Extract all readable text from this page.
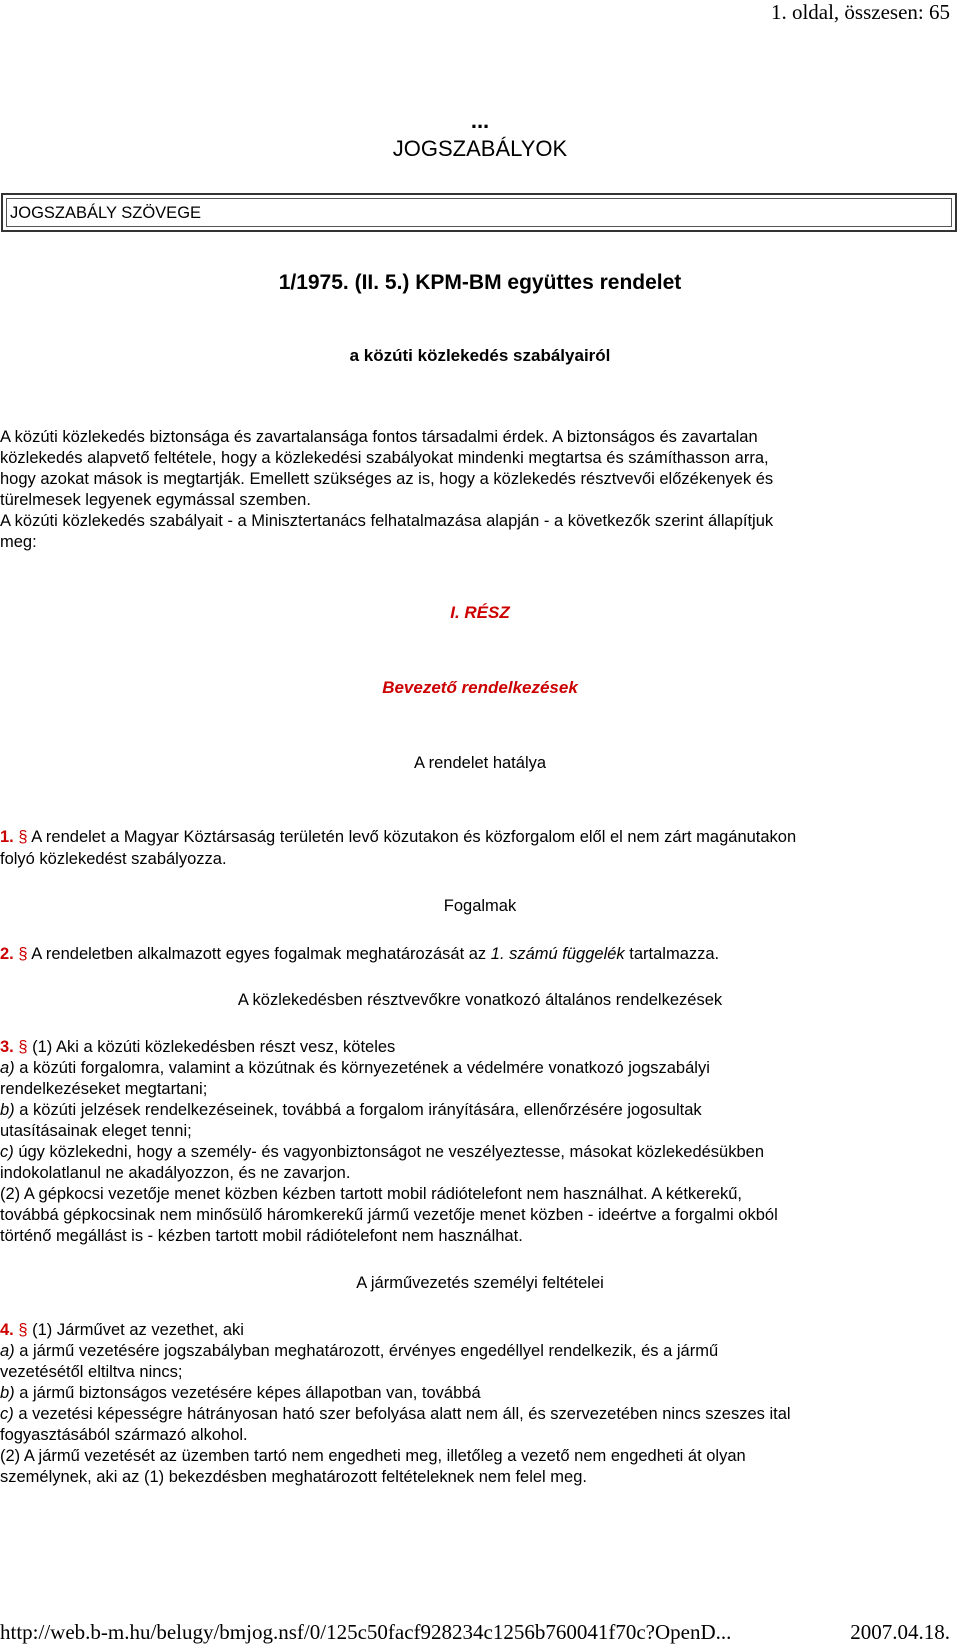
1. oldal, összesen: 65
...
JOGSZABÁLYOK
JOGSZABÁLY SZÖVEGE
1/1975. (II. 5.) KPM-BM együttes rendelet
a közúti közlekedés szabályairól
A közúti közlekedés biztonsága és zavartalansága fontos társadalmi érdek. A biztonságos és zavartalan
közlekedés alapvető feltétele, hogy a közlekedési szabályokat mindenki megtartsa és számíthasson arra,
hogy azokat mások is megtartják. Emellett szükséges az is, hogy a közlekedés résztvevői előzékenyek és
türelmesek legyenek egymással szemben.
A közúti közlekedés szabályait - a Minisztertanács felhatalmazása alapján - a következők szerint állapítjuk
meg:
I. RÉSZ
Bevezető rendelkezések
A rendelet hatálya
1. § A rendelet a Magyar Köztársaság területén levő közutakon és közforgalom elől el nem zárt magánutakon
folyó közlekedést szabályozza.
Fogalmak
2. § A rendeletben alkalmazott egyes fogalmak meghatározását az 1. számú függelék tartalmazza.
A közlekedésben résztvevőkre vonatkozó általános rendelkezések
3. § (1) Aki a közúti közlekedésben részt vesz, köteles
a) a közúti forgalomra, valamint a közútnak és környezetének a védelmére vonatkozó jogszabályi
rendelkezéseket megtartani;
b) a közúti jelzések rendelkezéseinek, továbbá a forgalom irányítására, ellenőrzésére jogosultak
utasításainak eleget tenni;
c) úgy közlekedni, hogy a személy- és vagyonbiztonságot ne veszélyeztesse, másokat közlekedésükben
indokolatlanul ne akadályozzon, és ne zavarjon.
(2) A gépkocsi vezetője menet közben kézben tartott mobil rádiótelefont nem használhat. A kétkerekű,
továbbá gépkocsinak nem minősülő háromkerekű jármű vezetője menet közben - ideértve a forgalmi okból
történő megállást is - kézben tartott mobil rádiótelefont nem használhat.
A járművezetés személyi feltételei
4. § (1) Járművet az vezethet, aki
a) a jármű vezetésére jogszabályban meghatározott, érvényes engedéllyel rendelkezik, és a jármű
vezetésétől eltiltva nincs;
b) a jármű biztonságos vezetésére képes állapotban van, továbbá
c) a vezetési képességre hátrányosan ható szer befolyása alatt nem áll, és szervezetében nincs szeszes ital
fogyasztásából származó alkohol.
(2) A jármű vezetését az üzemben tartó nem engedheti meg, illetőleg a vezető nem engedheti át olyan
személynek, aki az (1) bekezdésben meghatározott feltételeknek nem felel meg.
http://web.b-m.hu/belugy/bmjog.nsf/0/125c50facf928234c1256b760041f70c?OpenD...	2007.04.18.
